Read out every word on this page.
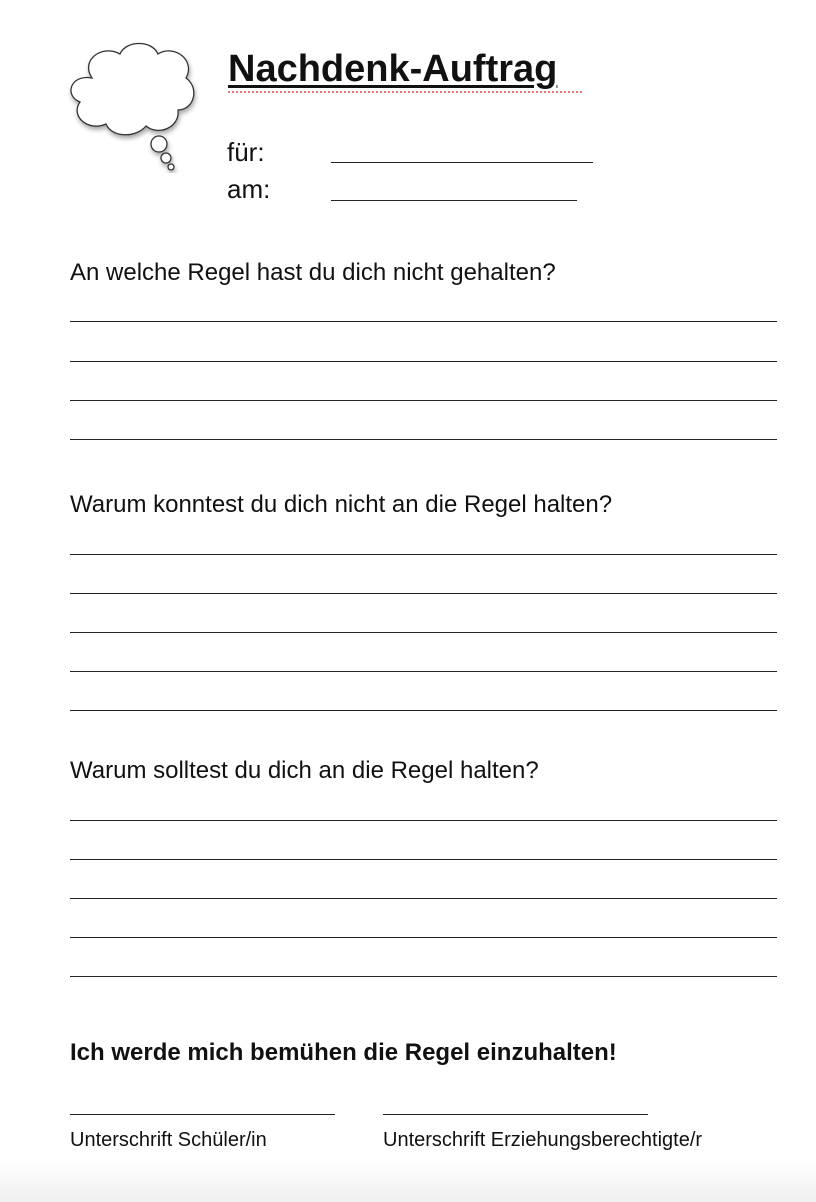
Nachdenk-Auftrag
für:
am:
An welche Regel hast du dich nicht gehalten?
Warum konntest du dich nicht an die Regel halten?
Warum solltest du dich an die Regel halten?

Ich werde mich bemühen die Regel einzuhalten!

Unterschrift Schüler/in	Unterschrift Erziehungsberechtigte/r
